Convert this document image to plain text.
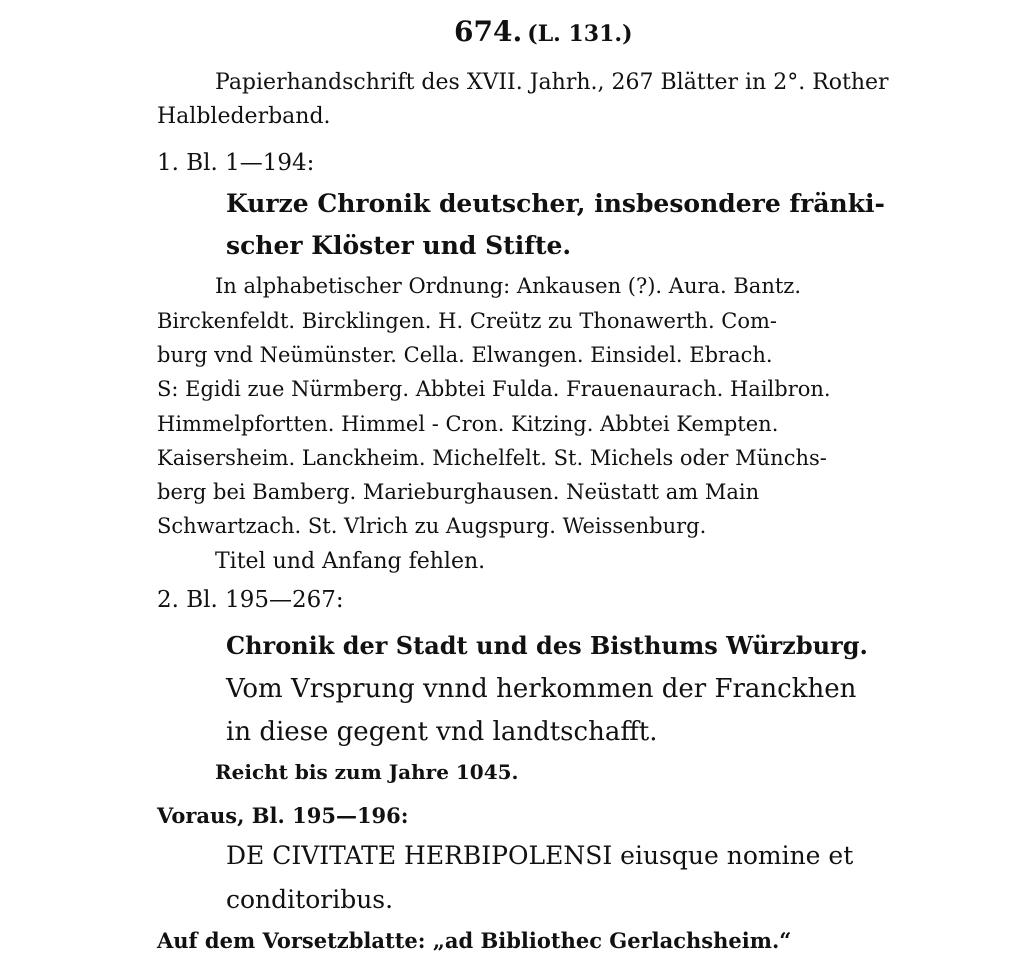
674. (L. 131.)
Papierhandschrift des XVII. Jahrh., 267 Blätter in 2°. Rother
Halblederband.
1. Bl. 1—194:
Kurze Chronik deutscher, insbesondere fränki-
scher Klöster und Stifte.
In alphabetischer Ordnung: Ankausen (?). Aura. Bantz.
Birckenfeldt. Bircklingen. H. Creütz zu Thonawerth. Com-
burg vnd Neümünster. Cella. Elwangen. Einsidel. Ebrach.
S: Egidi zue Nürmberg. Abbtei Fulda. Frauenaurach. Hailbron.
Himmelpfortten. Himmel - Cron. Kitzing. Abbtei Kempten.
Kaisersheim. Lanckheim. Michelfelt. St. Michels oder Münchs-
berg bei Bamberg. Marieburghausen. Neüstatt am Main
Schwartzach. St. Vlrich zu Augspurg. Weissenburg.
Titel und Anfang fehlen.
2. Bl. 195—267:
Chronik der Stadt und des Bisthums Würzburg.
Vom Vrsprung vnnd herkommen der Franckhen
in diese gegent vnd landtschafft.
Reicht bis zum Jahre 1045.
Voraus, Bl. 195—196:
DE CIVITATE HERBIPOLENSI eiusque nomine et
conditoribus.
Auf dem Vorsetzblatte: „ad Bibliothec Gerlachsheim.“
